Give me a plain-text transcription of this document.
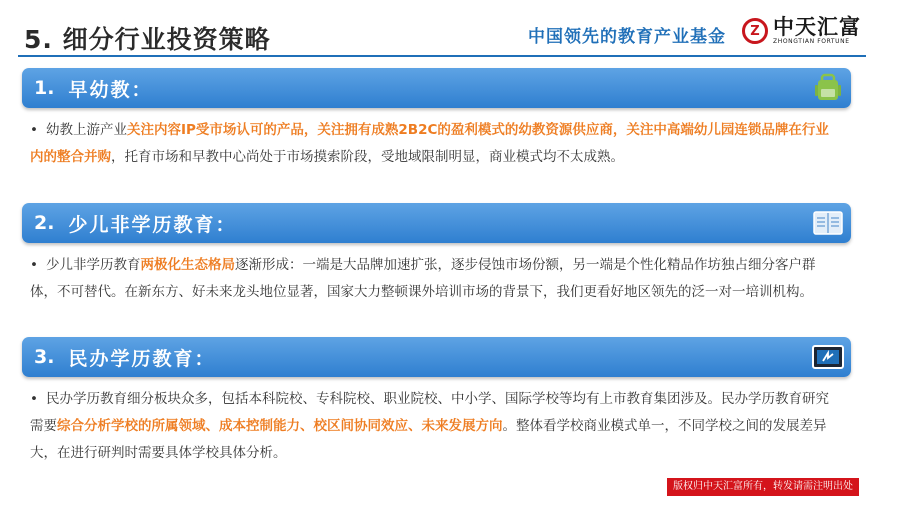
5. 细分行业投资策略	中国领先的教育产业基金	Z 中天汇富
ZHONGTIAN FORTUNE
1. 早幼教：
• 幼教上游产业关注内容IP受市场认可的产品，关注拥有成熟2B2C的盈利模式的幼教资源供应商，关注中高端幼儿园连锁品牌在行业内的整合并购，托育市场和早教中心尚处于市场摸索阶段，受地域限制明显，商业模式均不太成熟。
2. 少儿非学历教育：
• 少儿非学历教育两极化生态格局逐渐形成：一端是大品牌加速扩张，逐步侵蚀市场份额，另一端是个性化精品作坊独占细分客户群体，不可替代。在新东方、好未来龙头地位显著，国家大力整顿课外培训市场的背景下，我们更看好地区领先的泛一对一培训机构。
3. 民办学历教育：
• 民办学历教育细分板块众多，包括本科院校、专科院校、职业院校、中小学、国际学校等均有上市教育集团涉及。民办学历教育研究需要综合分析学校的所属领域、成本控制能力、校区间协同效应、未来发展方向。整体看学校商业模式单一，不同学校之间的发展差异大，在进行研判时需要具体学校具体分析。
版权归中天汇富所有，转发请需注明出处
